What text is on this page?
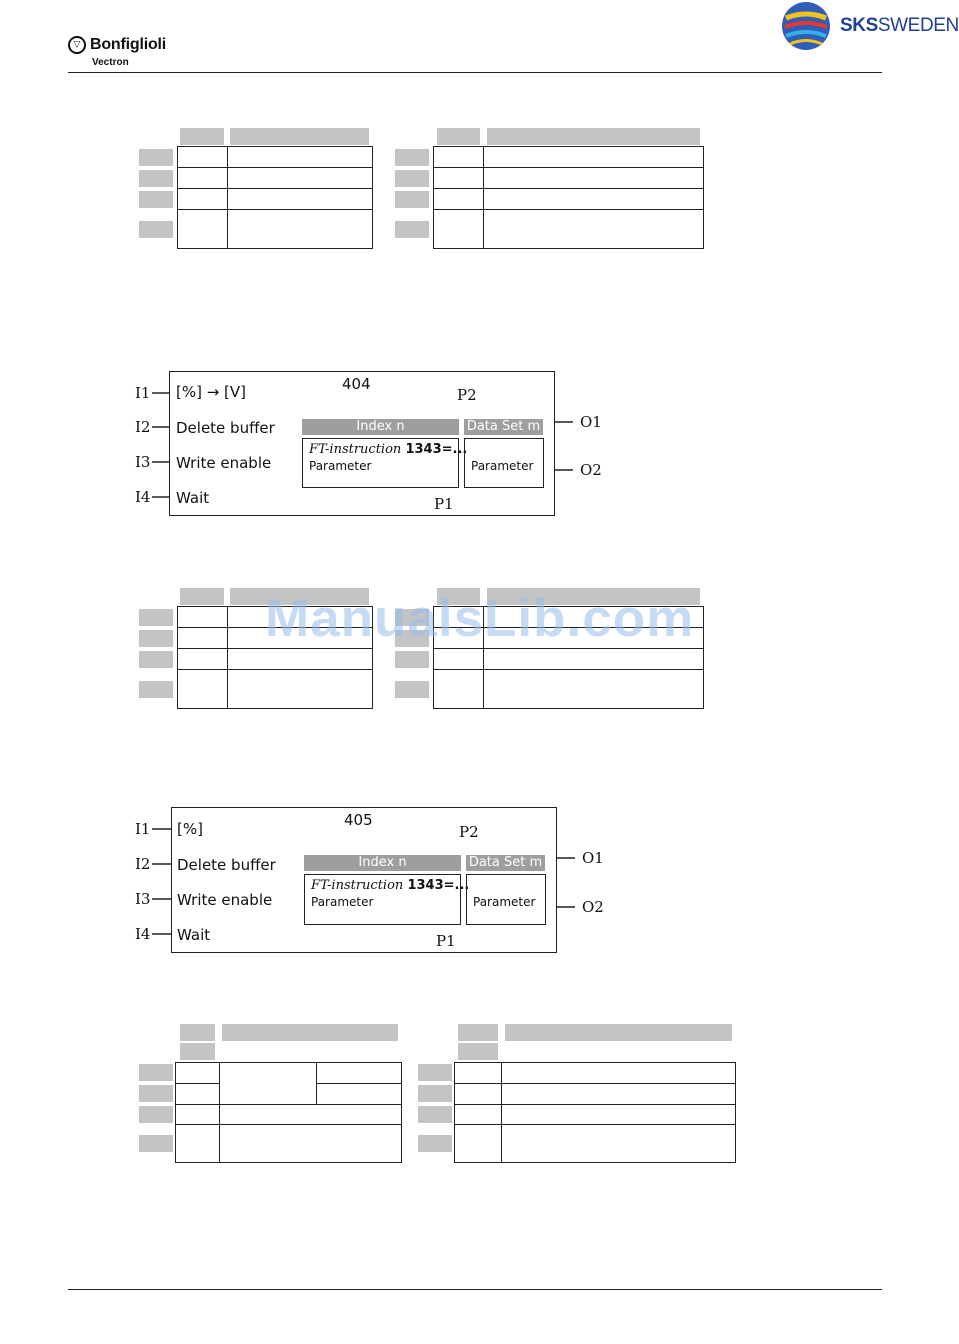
▽ Bonfiglioli
Vectron
SKSSWEDEN
I1
I2
I3
I4
[%] → [V]
Delete buffer
Write enable
Wait
404
Index n	Data Set m
FT-instruction 1343=...
Parameter	Parameter
P2
P1
O1
O2
ManualsLib.com
I1
I2
I3
I4
[%]
Delete buffer
Write enable
Wait
405
Index n	Data Set m
FT-instruction 1343=...
Parameter	Parameter
P2
P1
O1
O2
